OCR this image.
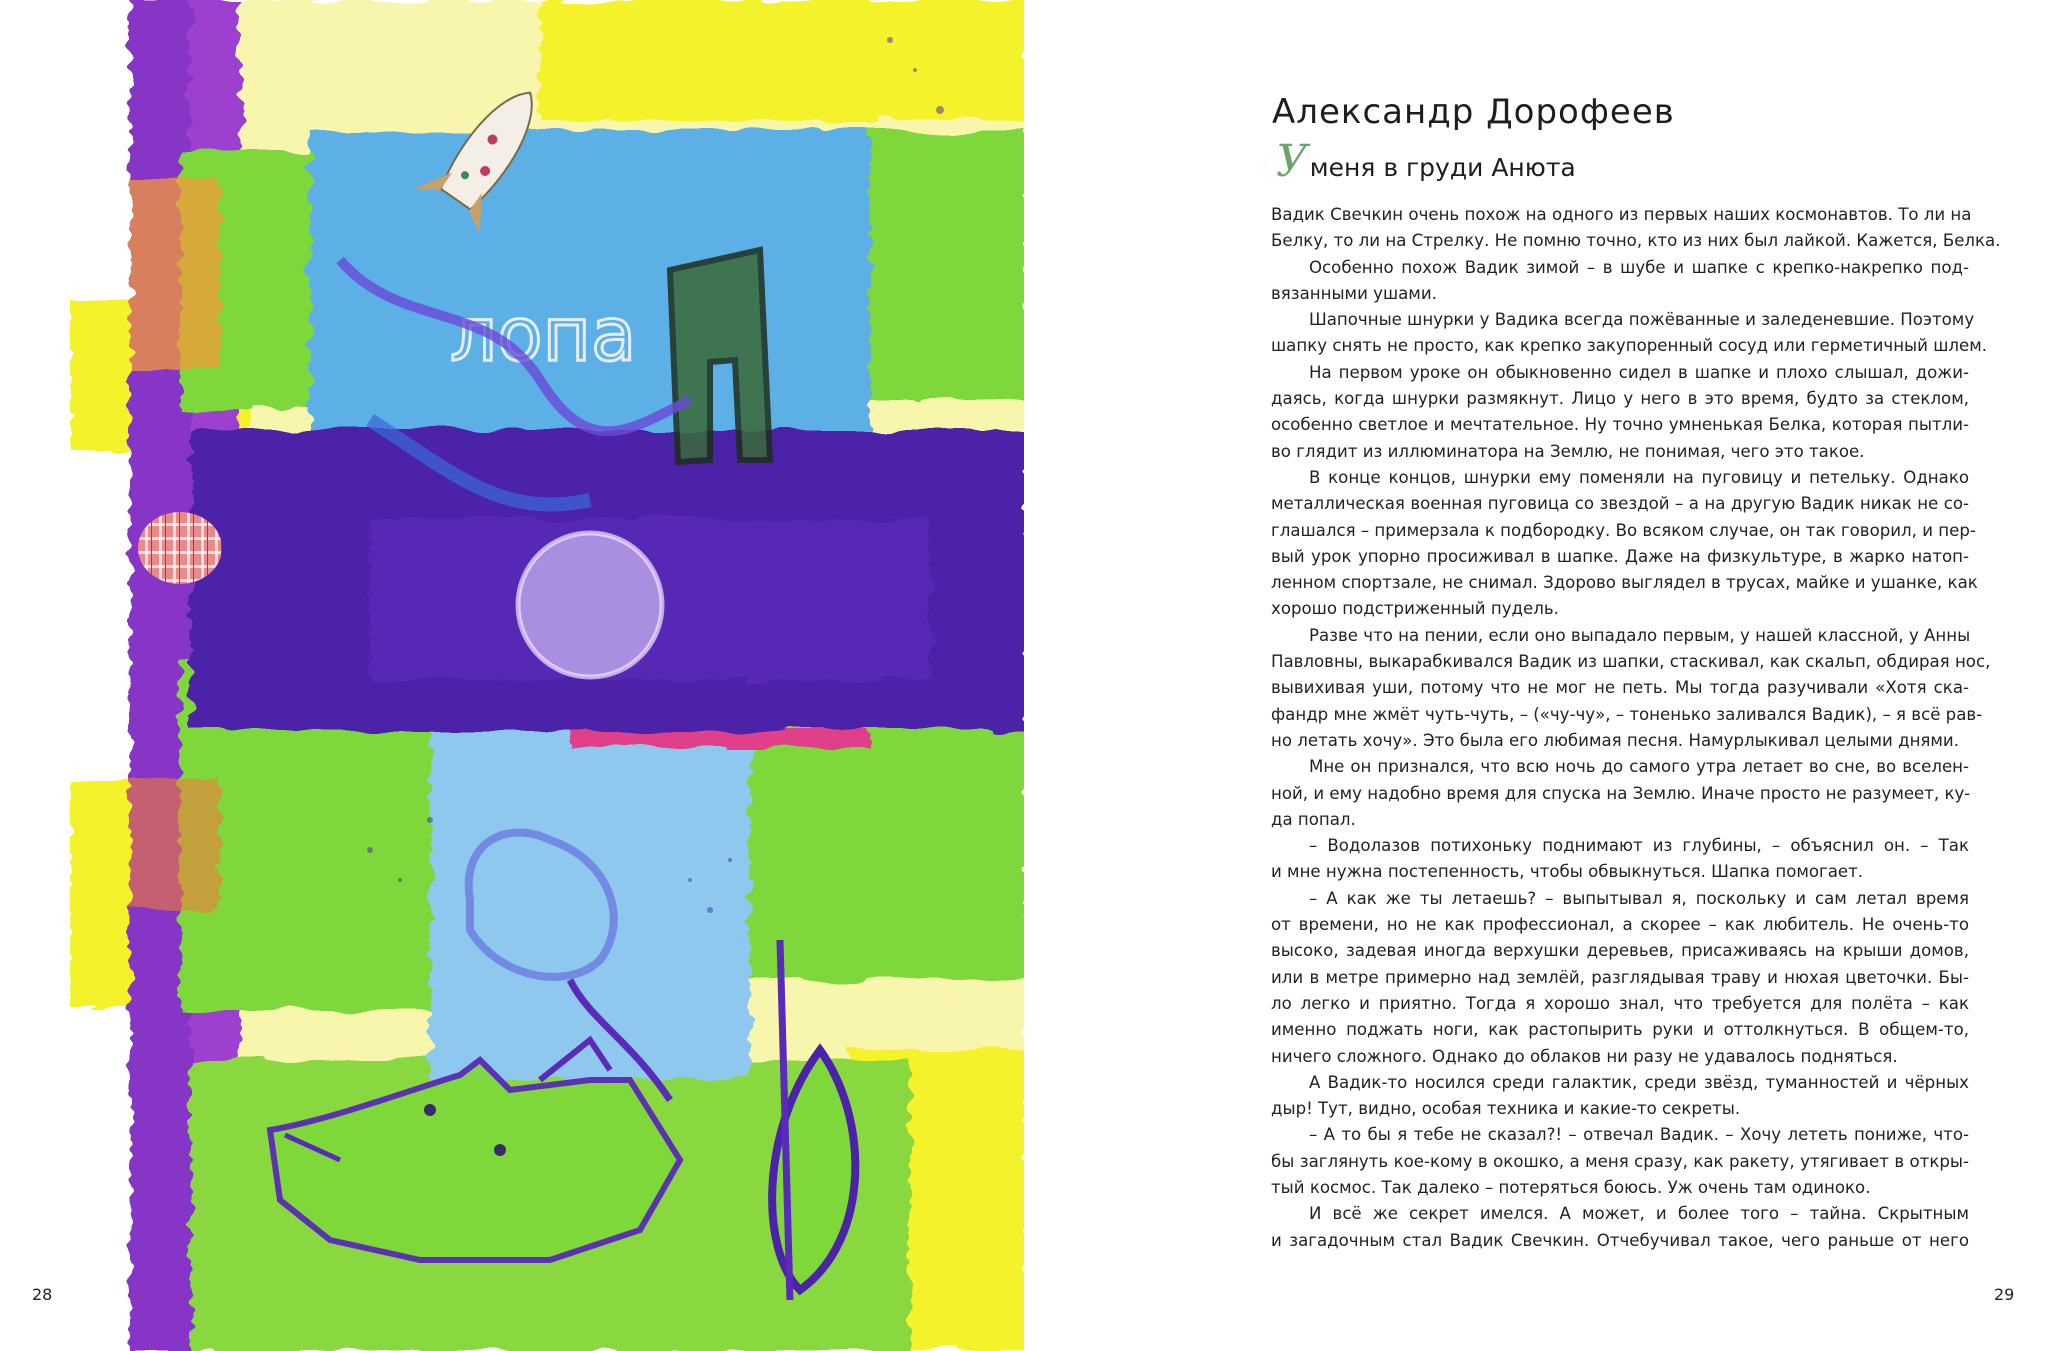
лопа
28
Александр Дорофеев
У меня в груди Анюта
Вадик Свечкин очень похож на одного из первых наших космонавтов. То ли на
Белку, то ли на Стрелку. Не помню точно, кто из них был лайкой. Кажется, Белка.
Особенно похож Вадик зимой – в шубе и шапке с крепко-накрепко под-
вязанными ушами.
Шапочные шнурки у Вадика всегда пожёванные и заледеневшие. Поэтому
шапку снять не просто, как крепко закупоренный сосуд или герметичный шлем.
На первом уроке он обыкновенно сидел в шапке и плохо слышал, дожи-
даясь, когда шнурки размякнут. Лицо у него в это время, будто за стеклом,
особенно светлое и мечтательное. Ну точно умненькая Белка, которая пытли-
во глядит из иллюминатора на Землю, не понимая, чего это такое.
В конце концов, шнурки ему поменяли на пуговицу и петельку. Однако
металлическая военная пуговица со звездой – а на другую Вадик никак не со-
глашался – примерзала к подбородку. Во всяком случае, он так говорил, и пер-
вый урок упорно просиживал в шапке. Даже на физкультуре, в жарко натоп-
ленном спортзале, не снимал. Здорово выглядел в трусах, майке и ушанке, как
хорошо подстриженный пудель.
Разве что на пении, если оно выпадало первым, у нашей классной, у Анны
Павловны, выкарабкивался Вадик из шапки, стаскивал, как скальп, обдирая нос,
вывихивая уши, потому что не мог не петь. Мы тогда разучивали «Хотя ска-
фандр мне жмёт чуть-чуть, – («чу-чу», – тоненько заливался Вадик), – я всё рав-
но летать хочу». Это была его любимая песня. Намурлыкивал целыми днями.
Мне он признался, что всю ночь до самого утра летает во сне, во вселен-
ной, и ему надобно время для спуска на Землю. Иначе просто не разумеет, ку-
да попал.
– Водолазов потихоньку поднимают из глубины, – объяснил он. – Так
и мне нужна постепенность, чтобы обвыкнуться. Шапка помогает.
– А как же ты летаешь? – выпытывал я, поскольку и сам летал время
от времени, но не как профессионал, а скорее – как любитель. Не очень-то
высоко, задевая иногда верхушки деревьев, присаживаясь на крыши домов,
или в метре примерно над землёй, разглядывая траву и нюхая цветочки. Бы-
ло легко и приятно. Тогда я хорошо знал, что требуется для полёта – как
именно поджать ноги, как растопырить руки и оттолкнуться. В общем-то,
ничего сложного. Однако до облаков ни разу не удавалось подняться.
А Вадик-то носился среди галактик, среди звёзд, туманностей и чёрных
дыр! Тут, видно, особая техника и какие-то секреты.
– А то бы я тебе не сказал?! – отвечал Вадик. – Хочу лететь пониже, что-
бы заглянуть кое-кому в окошко, а меня сразу, как ракету, утягивает в откры-
тый космос. Так далеко – потеряться боюсь. Уж очень там одиноко.
И всё же секрет имелся. А может, и более того – тайна. Скрытным
и загадочным стал Вадик Свечкин. Отчебучивал такое, чего раньше от него
29
